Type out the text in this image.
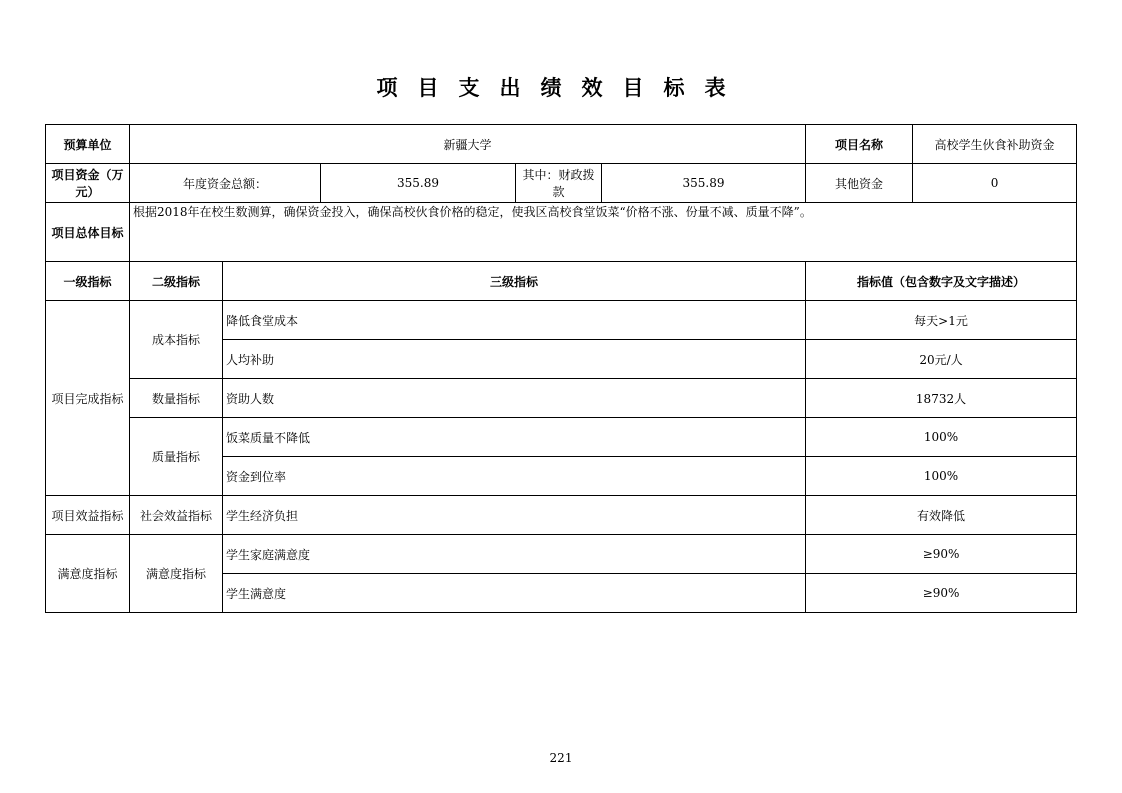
项目支出绩效目标表
预算单位	新疆大学					项目名称	高校学生伙食补助资金
项目资金（万元）	年度资金总额：		355.89	其中：财政拨款	355.89	其他资金	0
项目总体目标	根据2018年在校生数测算，确保资金投入，确保高校伙食价格的稳定，使我区高校食堂饭菜“价格不涨、份量不减、质量不降”。						
一级指标	二级指标	三级指标				指标值（包含数字及文字描述）	
项目完成指标	成本指标	降低食堂成本				每天>1元	
		人均补助				20元/人	
	数量指标	资助人数				18732人	
	质量指标	饭菜质量不降低				100%	
		资金到位率				100%	
项目效益指标	社会效益指标	学生经济负担				有效降低	
满意度指标	满意度指标	学生家庭满意度				≥90%	
		学生满意度				≥90%	
221
